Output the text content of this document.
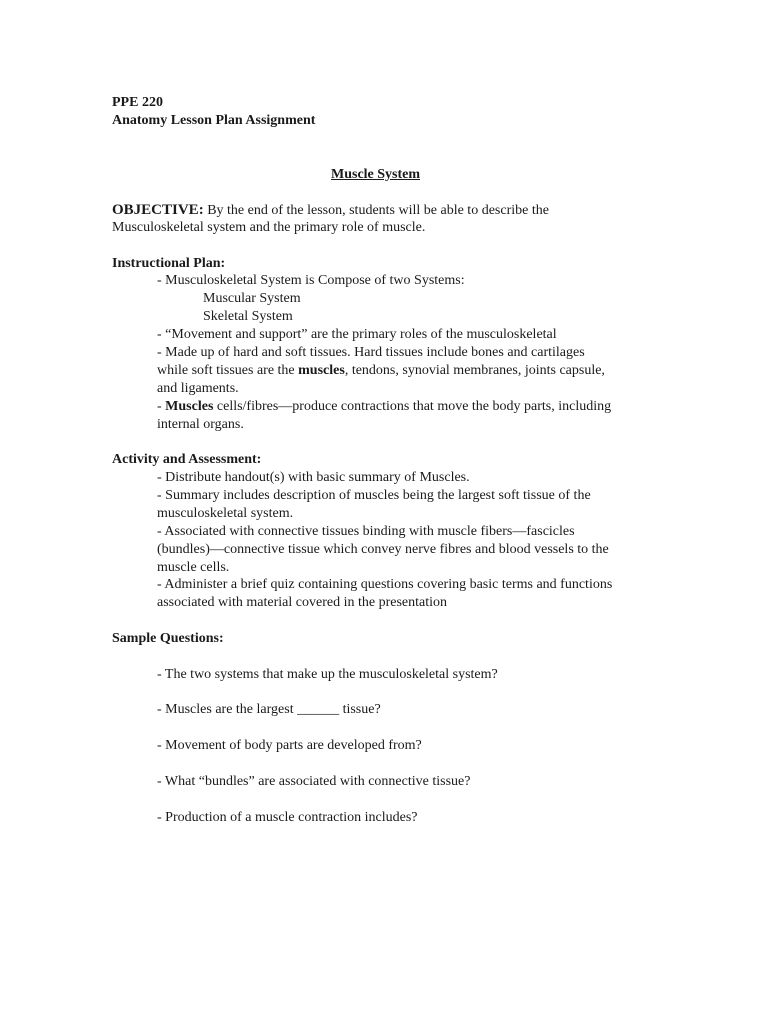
PPE 220
Anatomy Lesson Plan Assignment
Muscle System
OBJECTIVE: By the end of the lesson, students will be able to describe the
Musculoskeletal system and the primary role of muscle.
Instructional Plan:
- Musculoskeletal System is Compose of two Systems:
Muscular System
Skeletal System
- “Movement and support” are the primary roles of the musculoskeletal
- Made up of hard and soft tissues. Hard tissues include bones and cartilages
while soft tissues are the muscles, tendons, synovial membranes, joints capsule,
and ligaments.
- Muscles cells/fibres—produce contractions that move the body parts, including
internal organs.
Activity and Assessment:
- Distribute handout(s) with basic summary of Muscles.
- Summary includes description of muscles being the largest soft tissue of the
musculoskeletal system.
- Associated with connective tissues binding with muscle fibers—fascicles
(bundles)—connective tissue which convey nerve fibres and blood vessels to the
muscle cells.
- Administer a brief quiz containing questions covering basic terms and functions
associated with material covered in the presentation
Sample Questions:
- The two systems that make up the musculoskeletal system?
- Muscles are the largest ______ tissue?
- Movement of body parts are developed from?
- What “bundles” are associated with connective tissue?
- Production of a muscle contraction includes?
